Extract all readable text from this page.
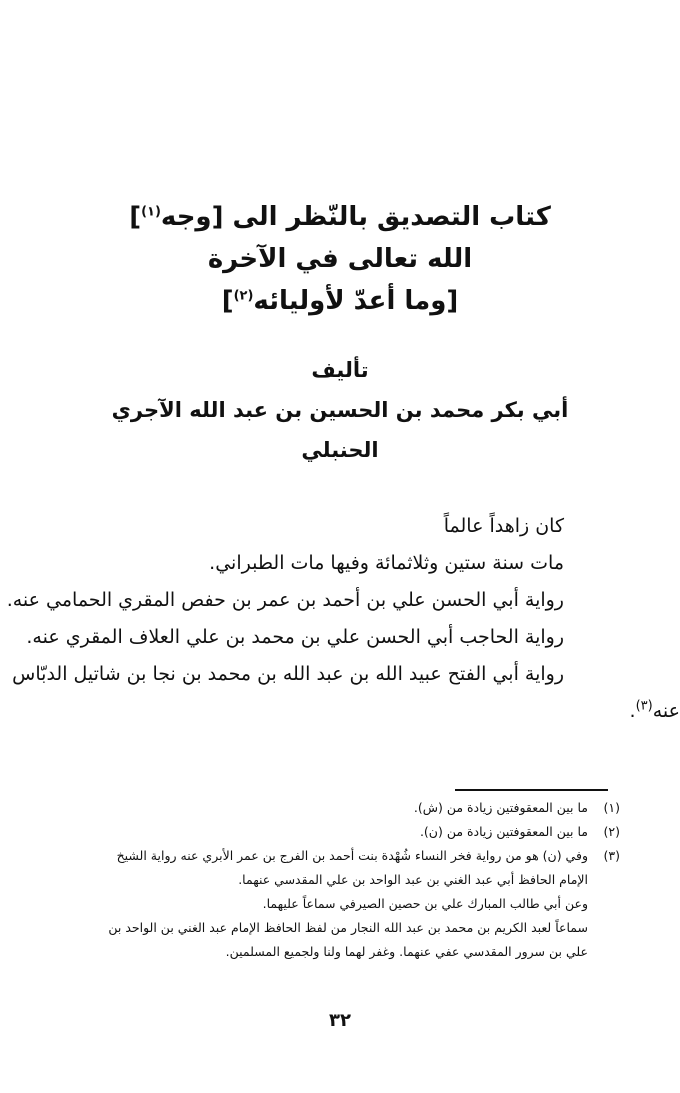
كتاب التصديق بالنّظر الى [وجه$^{(١)}$]
الله تعالى في الآخرة
[وما أعدّ لأوليائه$^{(٢)}$]
تأليف
أبي بكر محمد بن الحسين بن عبد الله الآجري
الحنبلي
كان زاهداً عالماً
مات سنة ستين وثلاثمائة وفيها مات الطبراني.
رواية أبي الحسن علي بن أحمد بن عمر بن حفص المقري الحمامي عنه.
رواية الحاجب أبي الحسن علي بن محمد بن علي العلاف المقري عنه.
رواية أبي الفتح عبيد الله بن عبد الله بن محمد بن نجا بن شاتيل الدبّاس
عنه$^{(٣)}$.
(١)
ما بين المعقوفتين زيادة من (ش).
(٢)
ما بين المعقوفتين زيادة من (ن).
(٣)
وفي (ن) هو من رواية فخر النساء شُهْدة بنت أحمد بن الفرج بن عمر الأبري عنه رواية الشيخ
الإمام الحافظ أبي عبد الغني بن عبد الواحد بن علي المقدسي عنهما.
وعن أبي طالب المبارك علي بن حصين الصيرفي سماعاً عليهما.
سماعاً لعبد الكريم بن محمد بن عبد الله النجار من لفظ الحافظ الإمام عبد الغني بن الواحد بن
علي بن سرور المقدسي عفي عنهما. وغفر لهما ولنا ولجميع المسلمين.
٣٢
